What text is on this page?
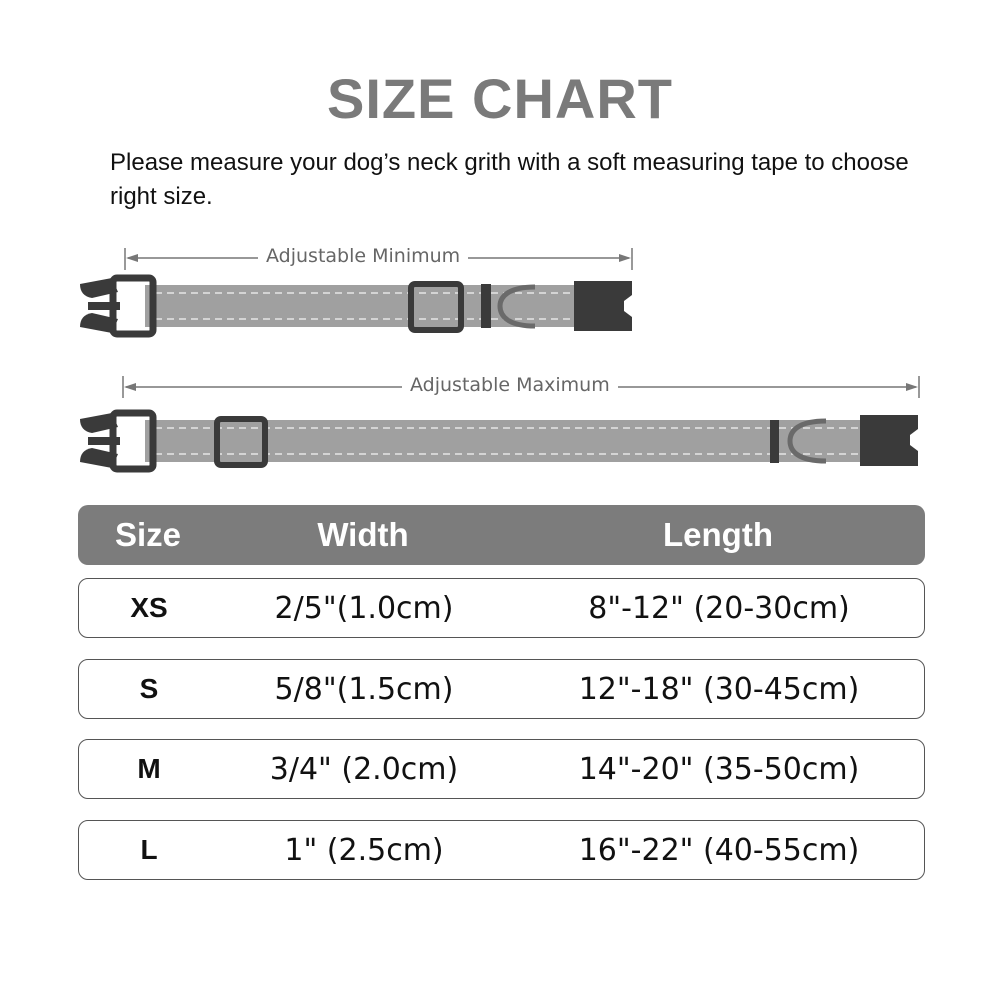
SIZE CHART
Please measure your dog’s neck grith with a soft measuring tape to choose right size.
Adjustable Minimum
Adjustable Maximum
Size	Width	Length
XS	2/5"(1.0cm)	8"-12" (20-30cm)
S	5/8"(1.5cm)	12"-18" (30-45cm)
M	3/4" (2.0cm)	14"-20" (35-50cm)
L	1" (2.5cm)	16"-22" (40-55cm)
